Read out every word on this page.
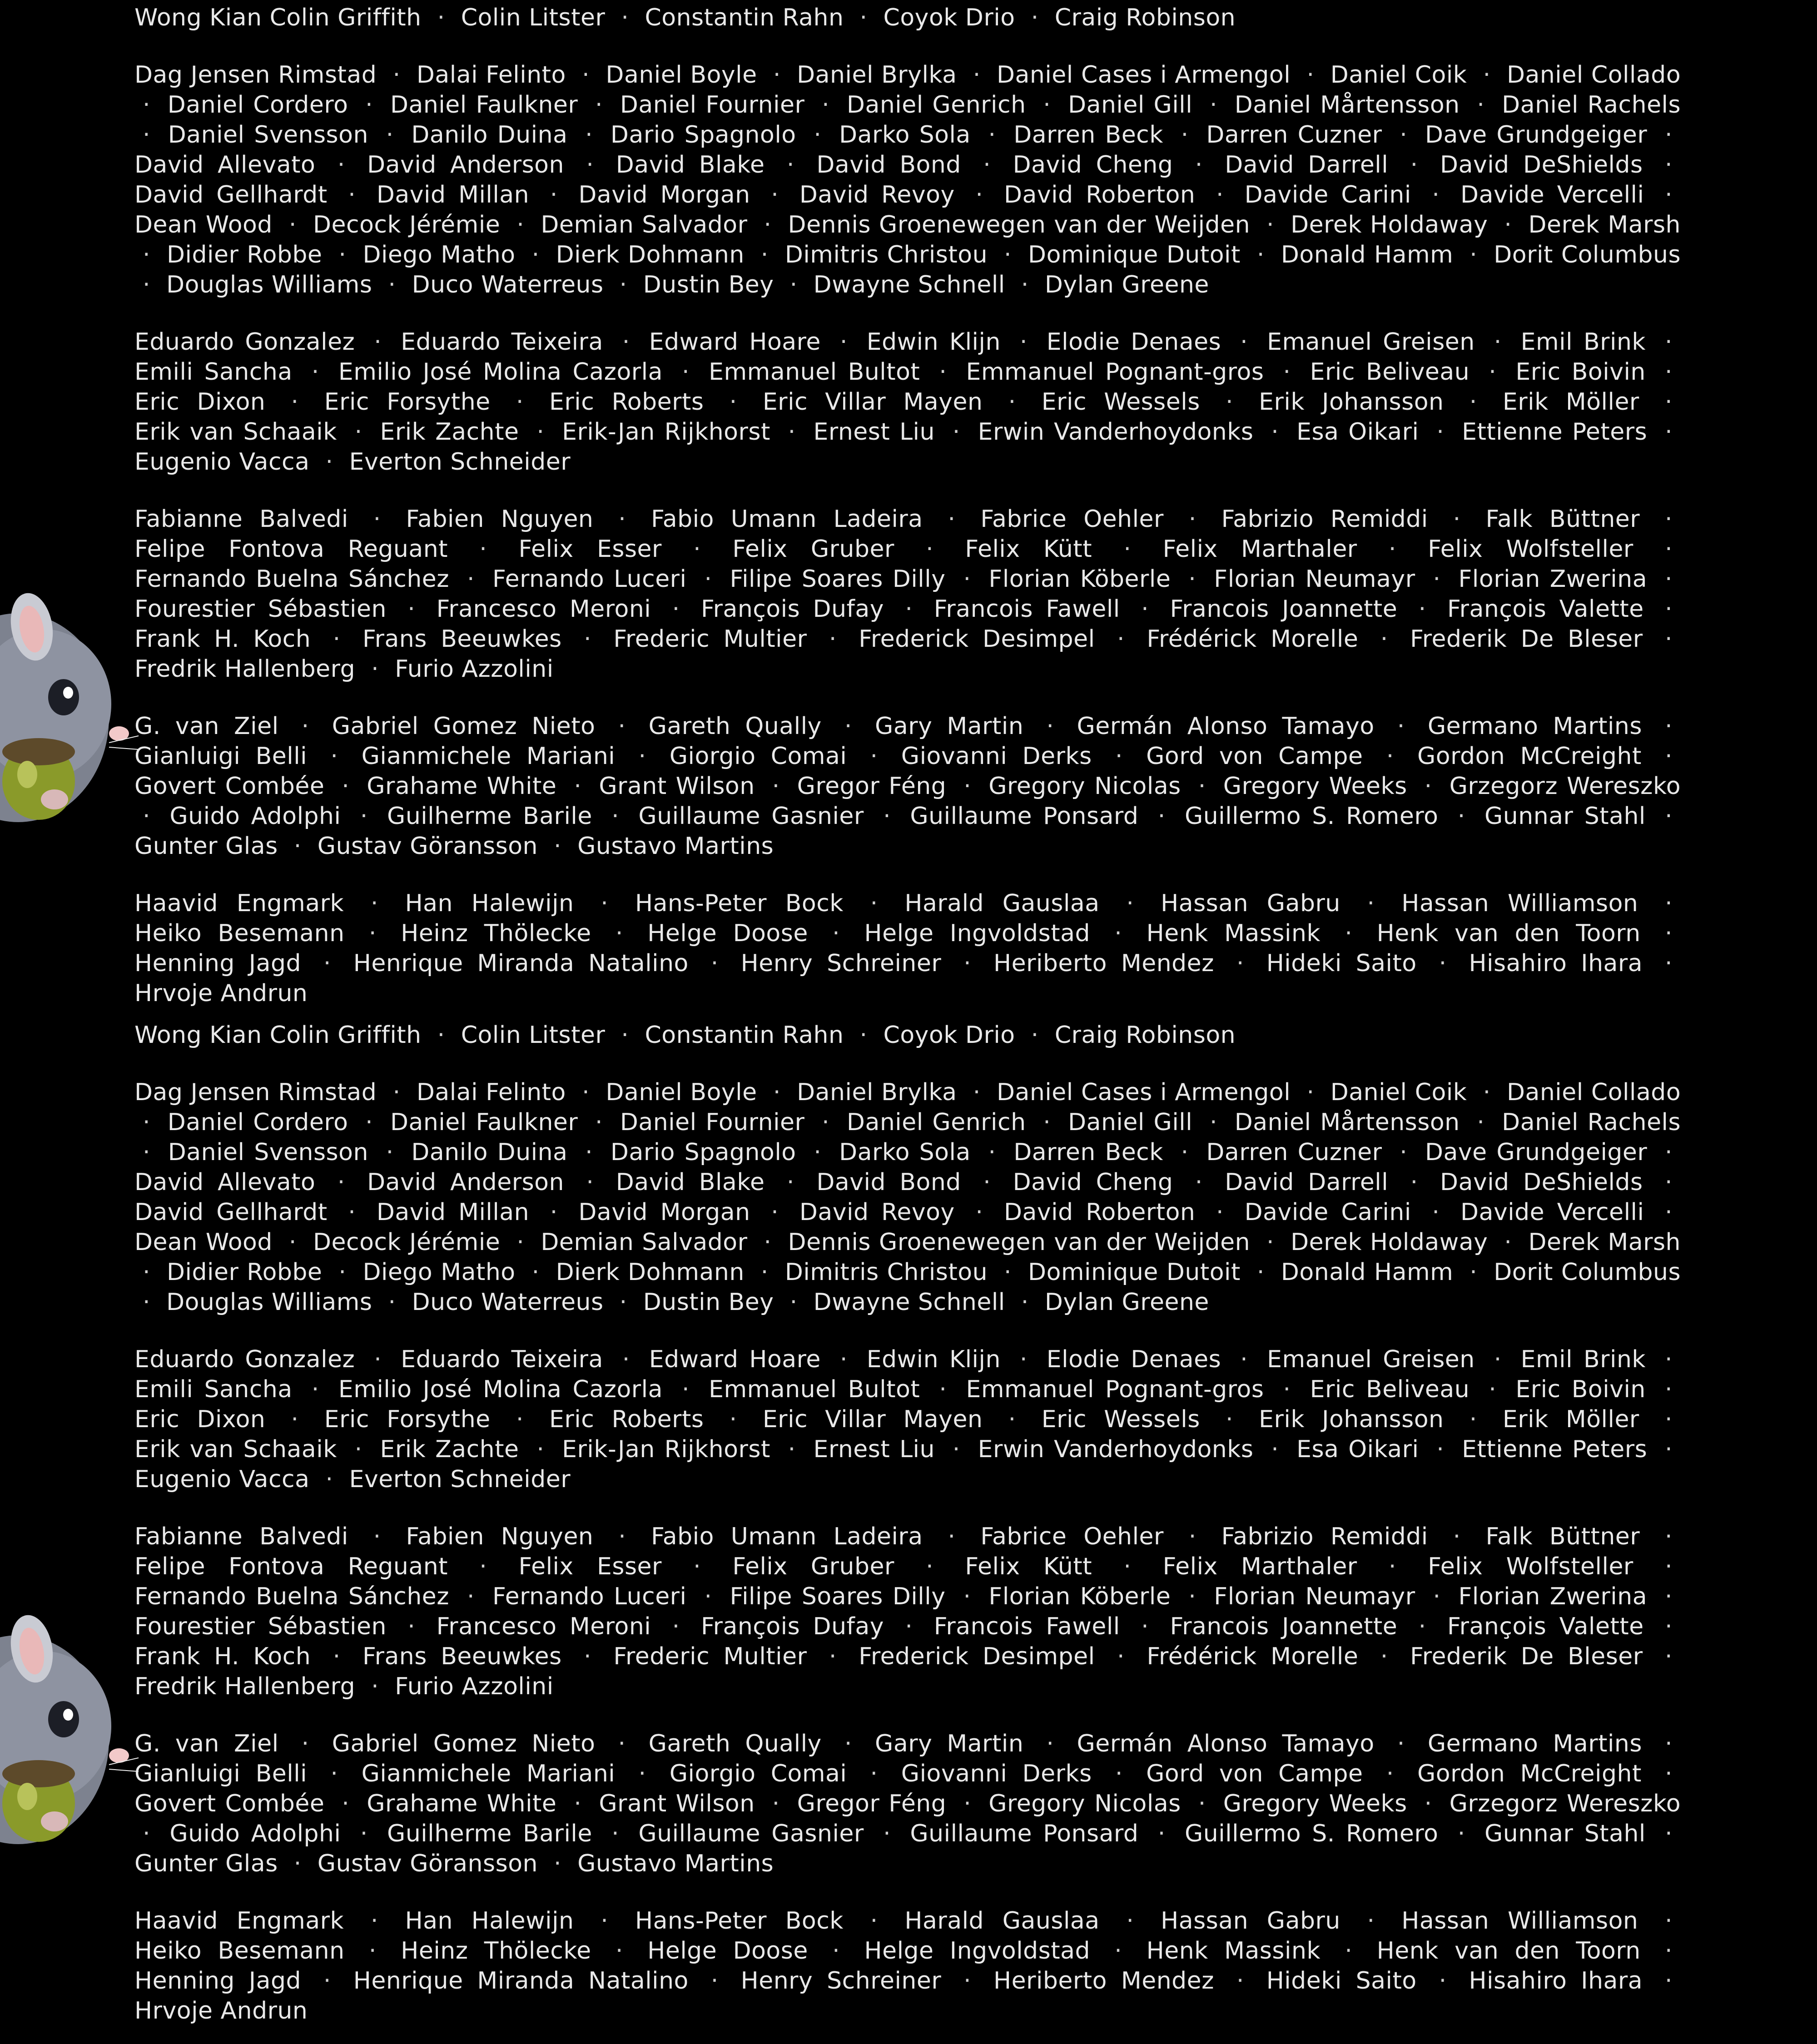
Wong Kian Colin Griffith · Colin Litster · Constantin Rahn · Coyok Drio · Craig Robinson

Dag Jensen Rimstad · Dalai Felinto · Daniel Boyle · Daniel Brylka · Daniel Cases i Armengol · Daniel Coik · Daniel Collado · Daniel Cordero · Daniel Faulkner · Daniel Fournier · Daniel Genrich · Daniel Gill · Daniel Mårtensson · Daniel Rachels · Daniel Svensson · Danilo Duina · Dario Spagnolo · Darko Sola · Darren Beck · Darren Cuzner · Dave Grundgeiger · David Allevato · David Anderson · David Blake · David Bond · David Cheng · David Darrell · David DeShields · David Gellhardt · David Millan · David Morgan · David Revoy · David Roberton · Davide Carini · Davide Vercelli · Dean Wood · Decock Jérémie · Demian Salvador · Dennis Groenewegen van der Weijden · Derek Holdaway · Derek Marsh · Didier Robbe · Diego Matho · Dierk Dohmann · Dimitris Christou · Dominique Dutoit · Donald Hamm · Dorit Columbus · Douglas Williams · Duco Waterreus · Dustin Bey · Dwayne Schnell · Dylan Greene

Eduardo Gonzalez · Eduardo Teixeira · Edward Hoare · Edwin Klijn · Elodie Denaes · Emanuel Greisen · Emil Brink · Emili Sancha · Emilio José Molina Cazorla · Emmanuel Bultot · Emmanuel Pognant-gros · Eric Beliveau · Eric Boivin · Eric Dixon · Eric Forsythe · Eric Roberts · Eric Villar Mayen · Eric Wessels · Erik Johansson · Erik Möller · Erik van Schaaik · Erik Zachte · Erik-Jan Rijkhorst · Ernest Liu · Erwin Vanderhoydonks · Esa Oikari · Ettienne Peters · Eugenio Vacca · Everton Schneider

Fabianne Balvedi · Fabien Nguyen · Fabio Umann Ladeira · Fabrice Oehler · Fabrizio Remiddi · Falk Büttner · Felipe Fontova Reguant · Felix Esser · Felix Gruber · Felix Kütt · Felix Marthaler · Felix Wolfsteller · Fernando Buelna Sánchez · Fernando Luceri · Filipe Soares Dilly · Florian Köberle · Florian Neumayr · Florian Zwerina · Fourestier Sébastien · Francesco Meroni · François Dufay · Francois Fawell · Francois Joannette · François Valette · Frank H. Koch · Frans Beeuwkes · Frederic Multier · Frederick Desimpel · Frédérick Morelle · Frederik De Bleser · Fredrik Hallenberg · Furio Azzolini

G. van Ziel · Gabriel Gomez Nieto · Gareth Qually · Gary Martin · Germán Alonso Tamayo · Germano Martins · Gianluigi Belli · Gianmichele Mariani · Giorgio Comai · Giovanni Derks · Gord von Campe · Gordon McCreight · Govert Combée · Grahame White · Grant Wilson · Gregor Féng · Gregory Nicolas · Gregory Weeks · Grzegorz Wereszko · Guido Adolphi · Guilherme Barile · Guillaume Gasnier · Guillaume Ponsard · Guillermo S. Romero · Gunnar Stahl · Gunter Glas · Gustav Göransson · Gustavo Martins

Haavid Engmark · Han Halewijn · Hans-Peter Bock · Harald Gauslaa · Hassan Gabru · Hassan Williamson · Heiko Besemann · Heinz Thölecke · Helge Doose · Helge Ingvoldstad · Henk Massink · Henk van den Toorn · Henning Jagd · Henrique Miranda Natalino · Henry Schreiner · Heriberto Mendez · Hideki Saito · Hisahiro Ihara · Hrvoje Andrun

Wong Kian Colin Griffith · Colin Litster · Constantin Rahn · Coyok Drio · Craig Robinson

Dag Jensen Rimstad · Dalai Felinto · Daniel Boyle · Daniel Brylka · Daniel Cases i Armengol · Daniel Coik · Daniel Collado · Daniel Cordero · Daniel Faulkner · Daniel Fournier · Daniel Genrich · Daniel Gill · Daniel Mårtensson · Daniel Rachels · Daniel Svensson · Danilo Duina · Dario Spagnolo · Darko Sola · Darren Beck · Darren Cuzner · Dave Grundgeiger · David Allevato · David Anderson · David Blake · David Bond · David Cheng · David Darrell · David DeShields · David Gellhardt · David Millan · David Morgan · David Revoy · David Roberton · Davide Carini · Davide Vercelli · Dean Wood · Decock Jérémie · Demian Salvador · Dennis Groenewegen van der Weijden · Derek Holdaway · Derek Marsh · Didier Robbe · Diego Matho · Dierk Dohmann · Dimitris Christou · Dominique Dutoit · Donald Hamm · Dorit Columbus · Douglas Williams · Duco Waterreus · Dustin Bey · Dwayne Schnell · Dylan Greene

Eduardo Gonzalez · Eduardo Teixeira · Edward Hoare · Edwin Klijn · Elodie Denaes · Emanuel Greisen · Emil Brink · Emili Sancha · Emilio José Molina Cazorla · Emmanuel Bultot · Emmanuel Pognant-gros · Eric Beliveau · Eric Boivin · Eric Dixon · Eric Forsythe · Eric Roberts · Eric Villar Mayen · Eric Wessels · Erik Johansson · Erik Möller · Erik van Schaaik · Erik Zachte · Erik-Jan Rijkhorst · Ernest Liu · Erwin Vanderhoydonks · Esa Oikari · Ettienne Peters · Eugenio Vacca · Everton Schneider

Fabianne Balvedi · Fabien Nguyen · Fabio Umann Ladeira · Fabrice Oehler · Fabrizio Remiddi · Falk Büttner · Felipe Fontova Reguant · Felix Esser · Felix Gruber · Felix Kütt · Felix Marthaler · Felix Wolfsteller · Fernando Buelna Sánchez · Fernando Luceri · Filipe Soares Dilly · Florian Köberle · Florian Neumayr · Florian Zwerina · Fourestier Sébastien · Francesco Meroni · François Dufay · Francois Fawell · Francois Joannette · François Valette · Frank H. Koch · Frans Beeuwkes · Frederic Multier · Frederick Desimpel · Frédérick Morelle · Frederik De Bleser · Fredrik Hallenberg · Furio Azzolini

G. van Ziel · Gabriel Gomez Nieto · Gareth Qually · Gary Martin · Germán Alonso Tamayo · Germano Martins · Gianluigi Belli · Gianmichele Mariani · Giorgio Comai · Giovanni Derks · Gord von Campe · Gordon McCreight · Govert Combée · Grahame White · Grant Wilson · Gregor Féng · Gregory Nicolas · Gregory Weeks · Grzegorz Wereszko · Guido Adolphi · Guilherme Barile · Guillaume Gasnier · Guillaume Ponsard · Guillermo S. Romero · Gunnar Stahl · Gunter Glas · Gustav Göransson · Gustavo Martins

Haavid Engmark · Han Halewijn · Hans-Peter Bock · Harald Gauslaa · Hassan Gabru · Hassan Williamson · Heiko Besemann · Heinz Thölecke · Helge Doose · Helge Ingvoldstad · Henk Massink · Henk van den Toorn · Henning Jagd · Henrique Miranda Natalino · Henry Schreiner · Heriberto Mendez · Hideki Saito · Hisahiro Ihara · Hrvoje Andrun
